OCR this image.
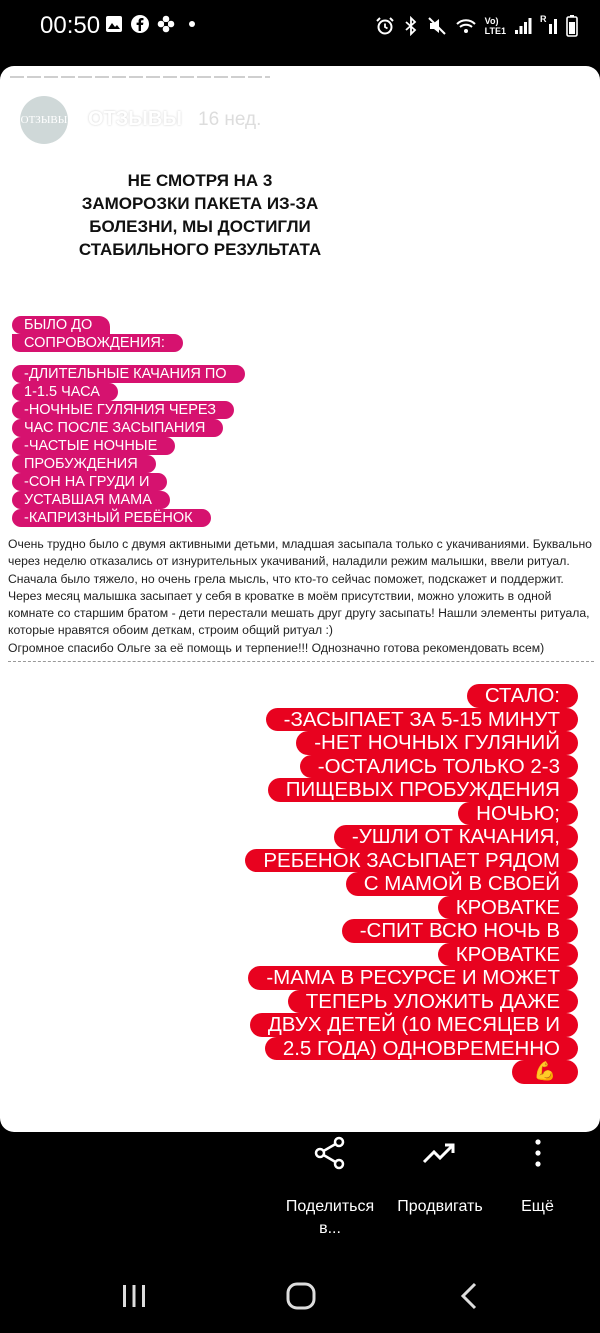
00:50	Vo)
LTE1
R
ОТЗЫВЫ ОТЗЫВЫ 16 нед.
НЕ СМОТРЯ НА 3
ЗАМОРОЗКИ ПАКЕТА ИЗ-ЗА
БОЛЕЗНИ, МЫ ДОСТИГЛИ
СТАБИЛЬНОГО РЕЗУЛЬТАТА
БЫЛО ДО
СОПРОВОЖДЕНИЯ:
-ДЛИТЕЛЬНЫЕ КАЧАНИЯ ПО
1-1.5 ЧАСА
-НОЧНЫЕ ГУЛЯНИЯ ЧЕРЕЗ
ЧАС ПОСЛЕ ЗАСЫПАНИЯ
-ЧАСТЫЕ НОЧНЫЕ
ПРОБУЖДЕНИЯ
-СОН НА ГРУДИ И
УСТАВШАЯ МАМА
-КАПРИЗНЫЙ РЕБЁНОК

Очень трудно было с двумя активными детьми, младшая засыпала только с укачиваниями. Буквально через неделю отказались от изнурительных укачиваний, наладили режим малышки, ввели ритуал. Сначала было тяжело, но очень грела мысль, что кто-то сейчас поможет, подскажет и поддержит.

Через месяц малышка засыпает у себя в кроватке в моём присутствии, можно уложить в одной комнате со старшим братом - дети перестали мешать друг другу засыпать! Нашли элементы ритуала, которые нравятся обоим деткам, строим общий ритуал :)

Огромное спасибо Ольге за её помощь и терпение!!! Однозначно готова рекомендовать всем)

СТАЛО:
-ЗАСЫПАЕТ ЗА 5-15 МИНУТ
-НЕТ НОЧНЫХ ГУЛЯНИЙ
-ОСТАЛИСЬ ТОЛЬКО 2-3
ПИЩЕВЫХ ПРОБУЖДЕНИЯ
НОЧЬЮ;
-УШЛИ ОТ КАЧАНИЯ,
РЕБЕНОК ЗАСЫПАЕТ РЯДОМ
С МАМОЙ В СВОЕЙ
КРОВАТКЕ
-СПИТ ВСЮ НОЧЬ В
КРОВАТКЕ
-МАМА В РЕСУРСЕ И МОЖЕТ
ТЕПЕРЬ УЛОЖИТЬ ДАЖЕ
ДВУХ ДЕТЕЙ (10 МЕСЯЦЕВ И
2.5 ГОДА) ОДНОВРЕМЕННО
💪
Поделиться
в...
Продвигать	Ещё
